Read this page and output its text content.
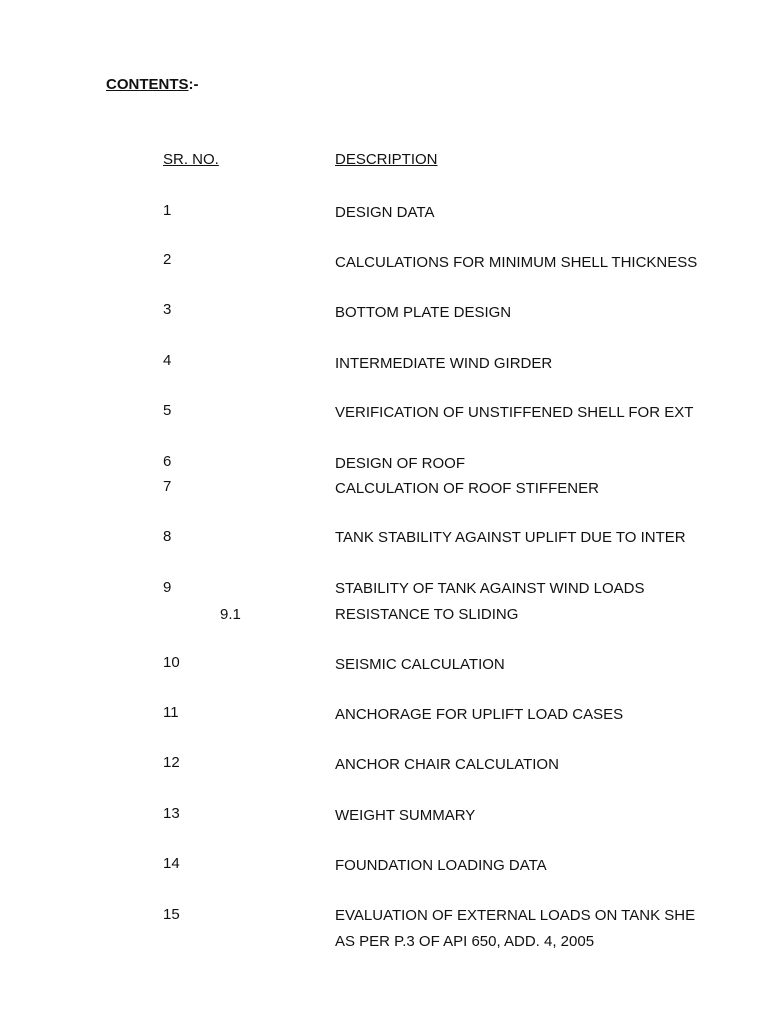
CONTENTS:-
SR. NO.	DESCRIPTION
1	DESIGN DATA
2	CALCULATIONS FOR MINIMUM SHELL THICKNESS
3	BOTTOM PLATE DESIGN
4	INTERMEDIATE WIND GIRDER
5	VERIFICATION OF UNSTIFFENED SHELL FOR EXT
6	DESIGN OF ROOF
7	CALCULATION OF ROOF STIFFENER
8	TANK STABILITY AGAINST UPLIFT DUE TO INTER
9	STABILITY OF TANK AGAINST WIND LOADS
9.1	RESISTANCE TO SLIDING
10	SEISMIC CALCULATION
11	ANCHORAGE FOR UPLIFT LOAD CASES
12	ANCHOR CHAIR CALCULATION
13	WEIGHT SUMMARY
14	FOUNDATION LOADING DATA
15	EVALUATION OF EXTERNAL LOADS ON TANK SHE
AS PER P.3 OF API 650, ADD. 4, 2005
